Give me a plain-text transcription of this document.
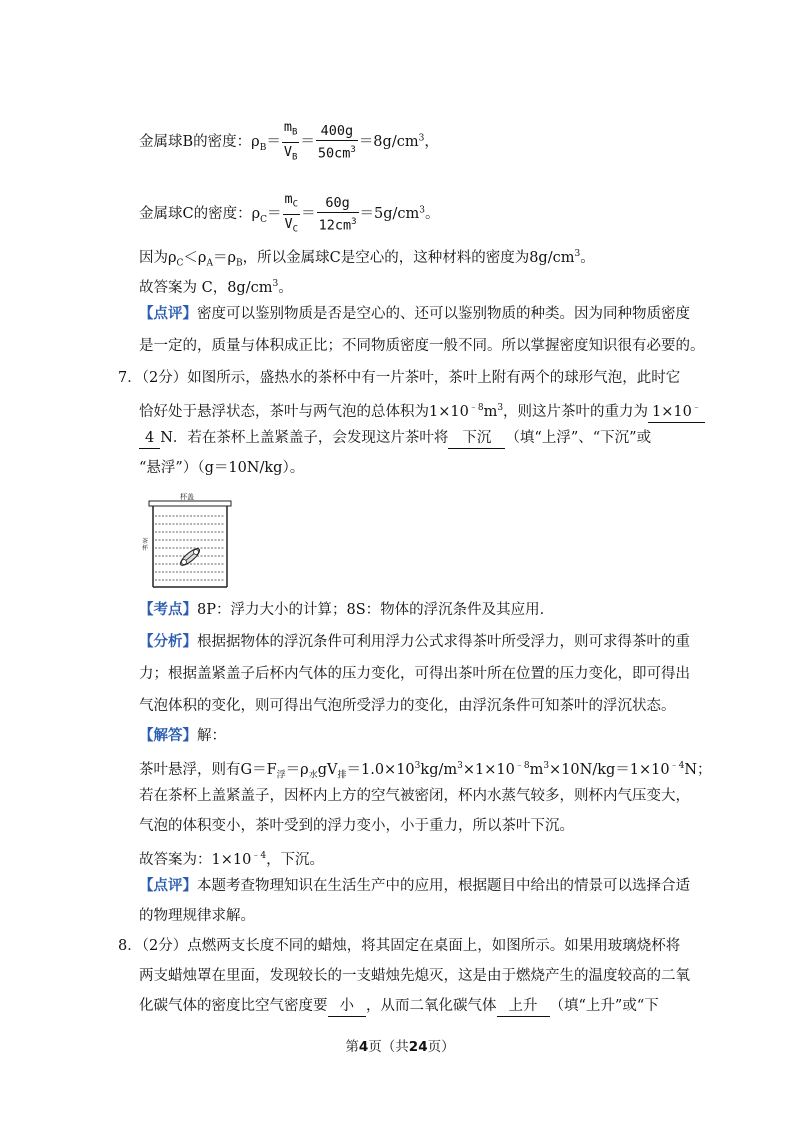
金属球B的密度：$\rho_B= \frac{m_B}{V_B} = \frac{400g}{50cm^3} =8g/cm^3$，
金属球C的密度：$\rho_C= \frac{m_C}{V_C} = \frac{60g}{12cm^3} =5g/cm^3$。
因为$\rho_C<\rho_A=\rho_B$，所以金属球C是空心的，这种材料的密度为$8g/cm^3$。
故答案为 C，$8g/cm^3$。
【点评】密度可以鉴别物质是否是空心的、还可以鉴别物质的种类。因为同种物质密度
是一定的，质量与体积成正比；不同物质密度一般不同。所以掌握密度知识很有必要的。
7．（2分）如图所示，盛热水的茶杯中有一片茶叶，茶叶上附有两个的球形气泡，此时它
恰好处于悬浮状态，茶叶与两气泡的总体积为$1\times 10^{﹣8}m^3$，则这片茶叶的重力为1×10﹣
4 N．若在茶杯上盖紧盖子，会发现这片茶叶将 下沉 （填“上浮”、“下沉”或
“悬浮”）（g＝10N/kg）。
杯盖
茶
杯
【考点】8P：浮力大小的计算；8S：物体的浮沉条件及其应用．
【分析】根据据物体的浮沉条件可利用浮力公式求得茶叶所受浮力，则可求得茶叶的重
力；根据盖紧盖子后杯内气体的压力变化，可得出茶叶所在位置的压力变化，即可得出
气泡体积的变化，则可得出气泡所受浮力的变化，由浮沉条件可知茶叶的浮沉状态。
【解答】解：
茶叶悬浮，则有$G=F_浮=\rho_水gV_排=1.0\times 10^3kg/m^3\times 1\times 10^{﹣8}m^3\times 10N/kg=1\times 10^{﹣4}N$；
若在茶杯上盖紧盖子，因杯内上方的空气被密闭，杯内水蒸气较多，则杯内气压变大，
气泡的体积变小，茶叶受到的浮力变小，小于重力，所以茶叶下沉。
故答案为：$1\times 10^{﹣4}$，下沉。
【点评】本题考查物理知识在生活生产中的应用，根据题目中给出的情景可以选择合适
的物理规律求解。
8．（2分）点燃两支长度不同的蜡烛，将其固定在桌面上，如图所示。如果用玻璃烧杯将
两支蜡烛罩在里面，发现较长的一支蜡烛先熄灭，这是由于燃烧产生的温度较高的二氧
化碳气体的密度比空气密度要 小 ，从而二氧化碳气体 上升 （填“上升”或“下
第4页（共24页）
